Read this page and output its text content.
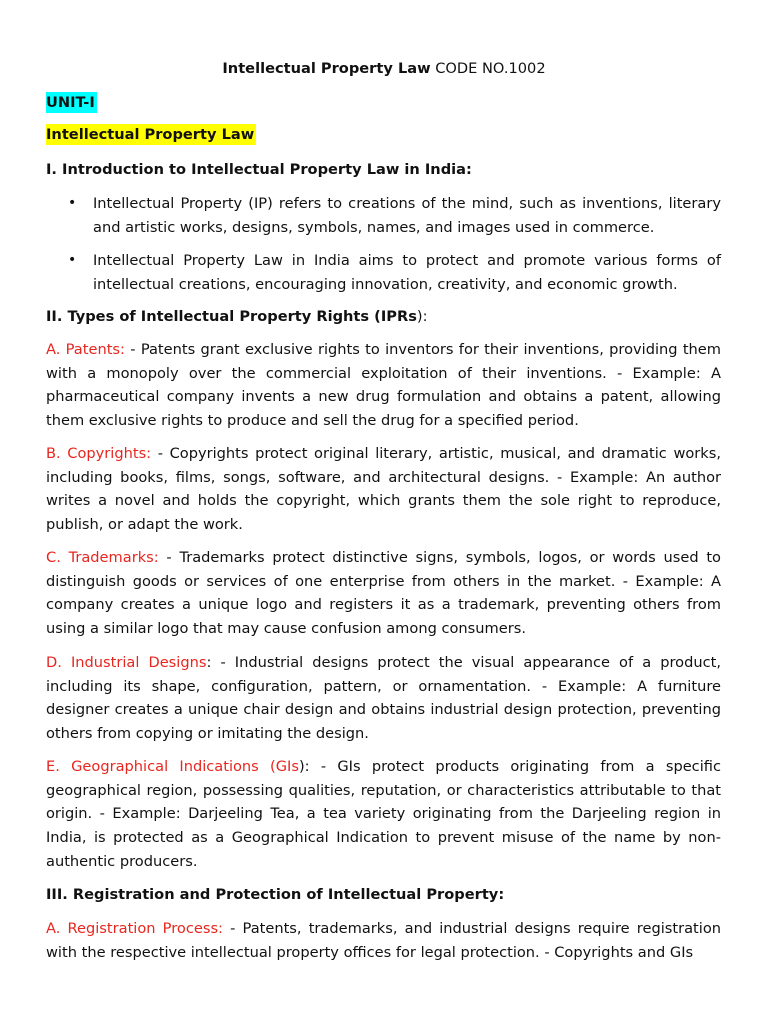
Intellectual Property Law CODE NO.1002
UNIT-I
Intellectual Property Law
I. Introduction to Intellectual Property Law in India:
• Intellectual Property (IP) refers to creations of the mind, such as inventions, literary and artistic works, designs, symbols, names, and images used in commerce.
• Intellectual Property Law in India aims to protect and promote various forms of intellectual creations, encouraging innovation, creativity, and economic growth.
II. Types of Intellectual Property Rights (IPRs):
A. Patents: - Patents grant exclusive rights to inventors for their inventions, providing them with a monopoly over the commercial exploitation of their inventions. - Example: A pharmaceutical company invents a new drug formulation and obtains a patent, allowing them exclusive rights to produce and sell the drug for a specified period.
B. Copyrights: - Copyrights protect original literary, artistic, musical, and dramatic works, including books, films, songs, software, and architectural designs. - Example: An author writes a novel and holds the copyright, which grants them the sole right to reproduce, publish, or adapt the work.
C. Trademarks: - Trademarks protect distinctive signs, symbols, logos, or words used to distinguish goods or services of one enterprise from others in the market. - Example: A company creates a unique logo and registers it as a trademark, preventing others from using a similar logo that may cause confusion among consumers.
D. Industrial Designs: - Industrial designs protect the visual appearance of a product, including its shape, configuration, pattern, or ornamentation. - Example: A furniture designer creates a unique chair design and obtains industrial design protection, preventing others from copying or imitating the design.
E. Geographical Indications (GIs): - GIs protect products originating from a specific geographical region, possessing qualities, reputation, or characteristics attributable to that origin. - Example: Darjeeling Tea, a tea variety originating from the Darjeeling region in India, is protected as a Geographical Indication to prevent misuse of the name by non-authentic producers.
III. Registration and Protection of Intellectual Property:
A. Registration Process: - Patents, trademarks, and industrial designs require registration with the respective intellectual property offices for legal protection. - Copyrights and GIs
